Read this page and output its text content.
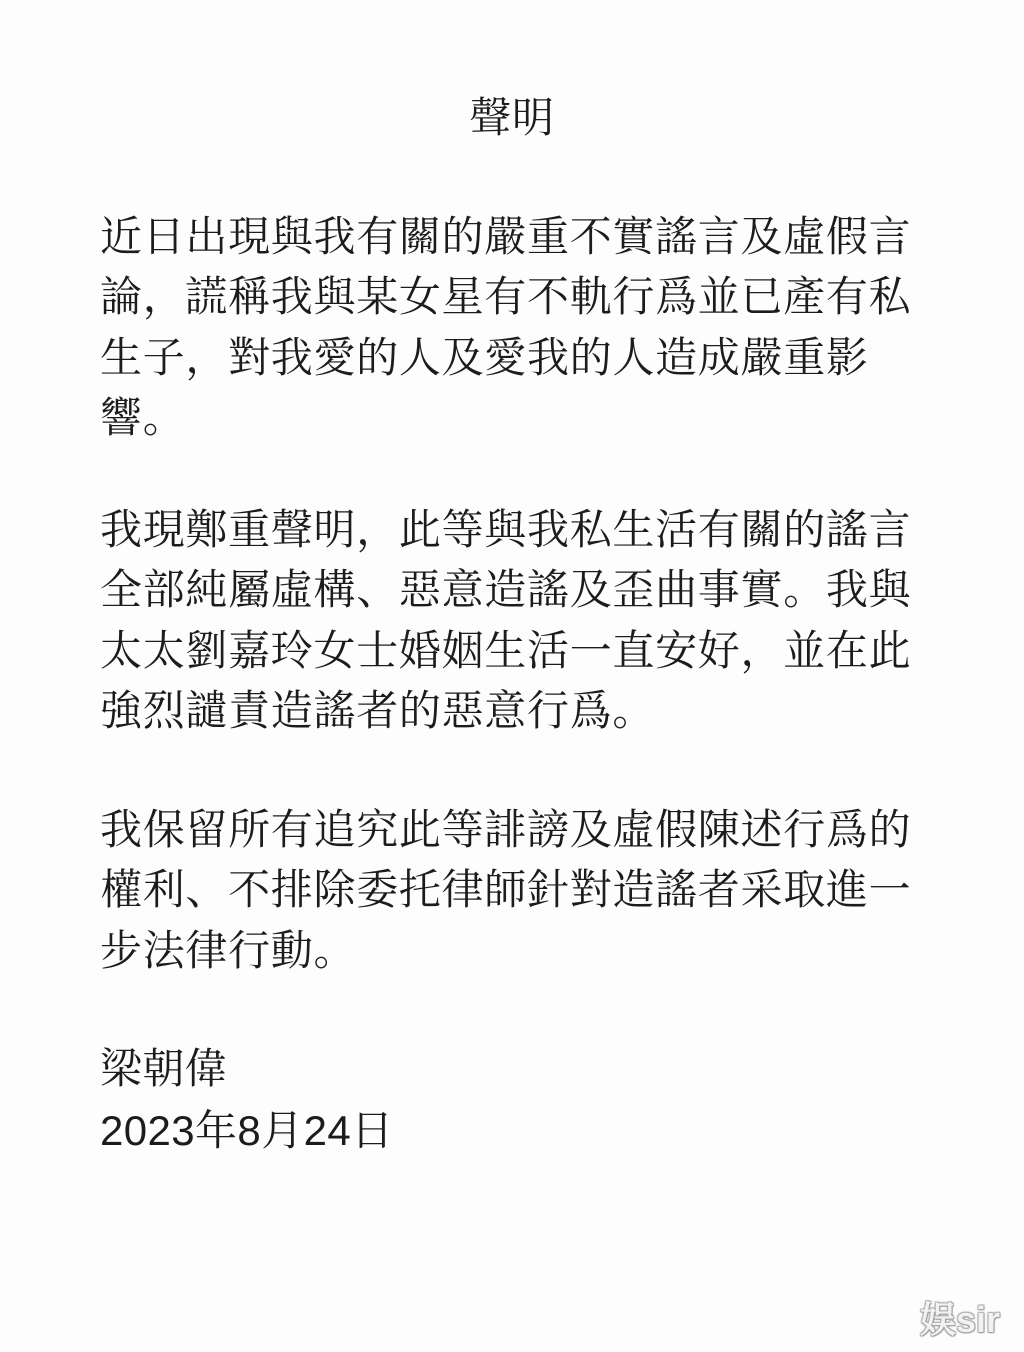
聲明
近日出現與我有關的嚴重不實謠言及虛假言
論，謊稱我與某女星有不軌行爲並已產有私
生子，對我愛的人及愛我的人造成嚴重影
響。
我現鄭重聲明，此等與我私生活有關的謠言
全部純屬虛構、惡意造謠及歪曲事實。我與
太太劉嘉玲女士婚姻生活一直安好，並在此
強烈譴責造謠者的惡意行爲。
我保留所有追究此等誹謗及虛假陳述行爲的
權利、不排除委托律師針對造謠者采取進一
步法律行動。
梁朝偉
2023年8月24日
娱sir
